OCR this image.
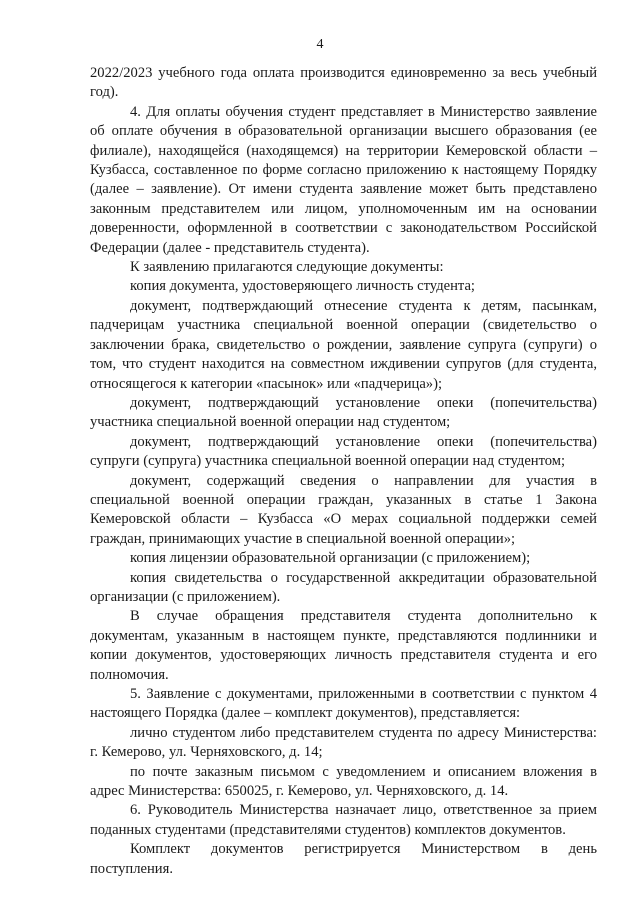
4

2022/2023 учебного года оплата производится единовременно за весь учебный год).

4. Для оплаты обучения студент представляет в Министерство заявление об оплате обучения в образовательной организации высшего образования (ее филиале), находящейся (находящемся) на территории Кемеровской области – Кузбасса, составленное по форме согласно приложению к настоящему Порядку (далее – заявление). От имени студента заявление может быть представлено законным представителем или лицом, уполномоченным им на основании доверенности, оформленной в соответствии с законодательством Российской Федерации (далее - представитель студента).

К заявлению прилагаются следующие документы:

копия документа, удостоверяющего личность студента;

документ, подтверждающий отнесение студента к детям, пасынкам, падчерицам участника специальной военной операции (свидетельство о заключении брака, свидетельство о рождении, заявление супруга (супруги) о том, что студент находится на совместном иждивении супругов (для студента, относящегося к категории «пасынок» или «падчерица»);

документ, подтверждающий установление опеки (попечительства) участника специальной военной операции над студентом;

документ, подтверждающий установление опеки (попечительства) супруги (супруга) участника специальной военной операции над студентом;

документ, содержащий сведения о направлении для участия в специальной военной операции граждан, указанных в статье 1 Закона Кемеровской области – Кузбасса «О мерах социальной поддержки семей граждан, принимающих участие в специальной военной операции»;

копия лицензии образовательной организации (с приложением);

копия свидетельства о государственной аккредитации образовательной организации (с приложением).

В случае обращения представителя студента дополнительно к документам, указанным в настоящем пункте, представляются подлинники и копии документов, удостоверяющих личность представителя студента и его полномочия.

5. Заявление с документами, приложенными в соответствии с пунктом 4 настоящего Порядка (далее – комплект документов), представляется:

лично студентом либо представителем студента по адресу Министерства: г. Кемерово, ул. Черняховского, д. 14;

по почте заказным письмом с уведомлением и описанием вложения в адрес Министерства: 650025, г. Кемерово, ул. Черняховского, д. 14.

6. Руководитель Министерства назначает лицо, ответственное за прием поданных студентами (представителями студентов) комплектов документов.

Комплект документов регистрируется Министерством в день поступления.
